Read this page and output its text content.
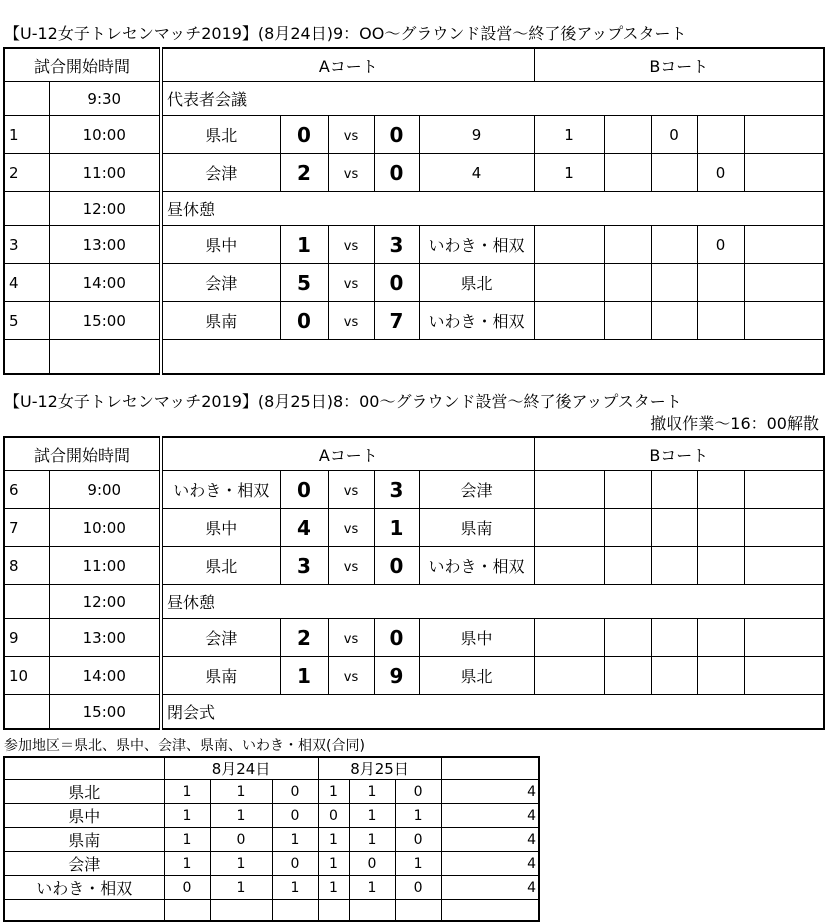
【U-12女子トレセンマッチ2019】(8月24日)9：OO～グラウンド設営～終了後アップスタート
試合開始時間		Aコート					Bコート				
	9:30	代表者会議									
1	10:00	県北	0	vs	0	9	1		0		
2	11:00	会津	2	vs	0	4	1			0	
	12:00	昼休憩									
3	13:00	県中	1	vs	3	いわき・相双				0	
4	14:00	会津	5	vs	0	県北					
5	15:00	県南	0	vs	7	いわき・相双					

【U-12女子トレセンマッチ2019】(8月25日)8：00～グラウンド設営～終了後アップスタート
撤収作業～16：00解散
試合開始時間		Aコート					Bコート				
6	9:00	いわき・相双	0	vs	3	会津					
7	10:00	県中	4	vs	1	県南					
8	11:00	県北	3	vs	0	いわき・相双					
	12:00	昼休憩									
9	13:00	会津	2	vs	0	県中					
10	14:00	県南	1	vs	9	県北					
	15:00	閉会式									
参加地区＝県北、県中、会津、県南、いわき・相双(合同)
	8月24日			8月25日			
県北	1	1	0	1	1	0	4
県中	1	1	0	0	1	1	4
県南	1	0	1	1	1	0	4
会津	1	1	0	1	0	1	4
いわき・相双	0	1	1	1	1	0	4
